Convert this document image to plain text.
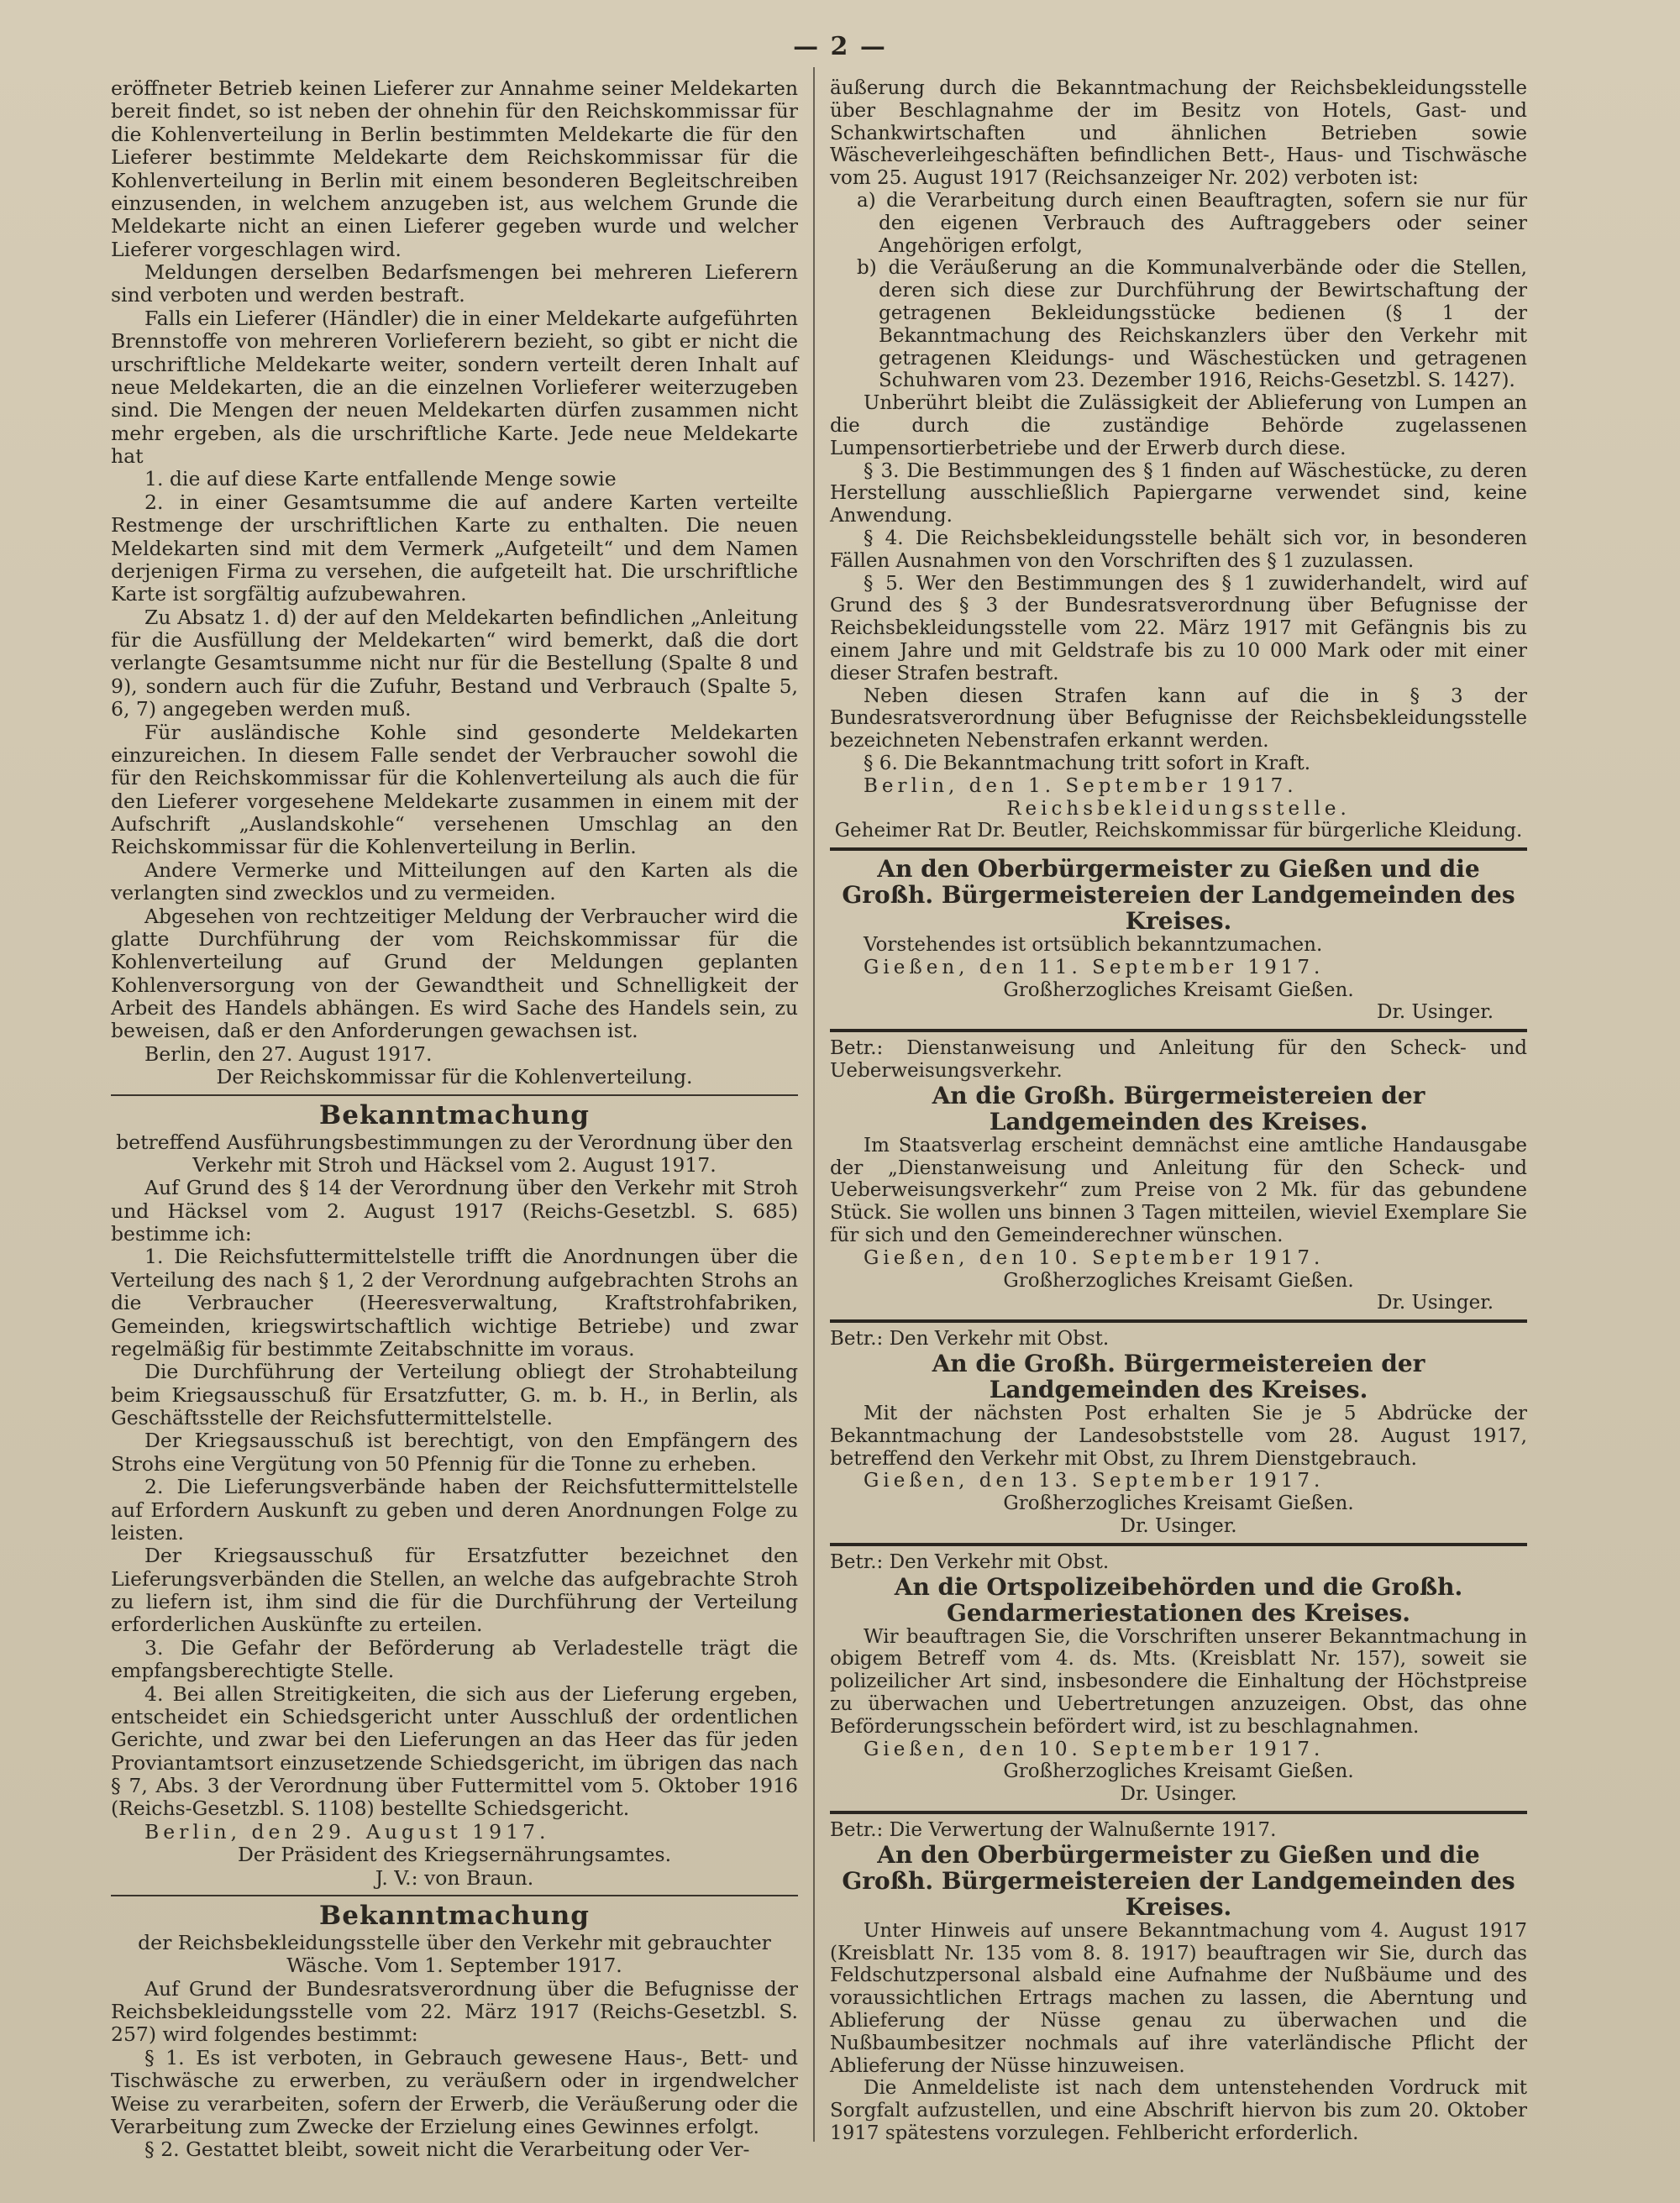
— 2 —

eröffneter Betrieb keinen Lieferer zur Annahme seiner Meldekarten bereit findet, so ist neben der ohnehin für den Reichskommissar für die Kohlenverteilung in Berlin bestimmten Meldekarte die für den Lieferer bestimmte Meldekarte dem Reichskommissar für die Kohlenverteilung in Berlin mit einem besonderen Begleitschreiben einzusenden, in welchem anzugeben ist, aus welchem Grunde die Meldekarte nicht an einen Lieferer gegeben wurde und welcher Lieferer vorgeschlagen wird.

Meldungen derselben Bedarfsmengen bei mehreren Lieferern sind verboten und werden bestraft.

Falls ein Lieferer (Händler) die in einer Meldekarte aufgeführten Brennstoffe von mehreren Vorlieferern bezieht, so gibt er nicht die urschriftliche Meldekarte weiter, sondern verteilt deren Inhalt auf neue Meldekarten, die an die einzelnen Vorlieferer weiterzugeben sind. Die Mengen der neuen Meldekarten dürfen zusammen nicht mehr ergeben, als die urschriftliche Karte. Jede neue Meldekarte hat

1. die auf diese Karte entfallende Menge sowie

2. in einer Gesamtsumme die auf andere Karten verteilte Restmenge der urschriftlichen Karte zu enthalten. Die neuen Meldekarten sind mit dem Vermerk „Aufgeteilt“ und dem Namen derjenigen Firma zu versehen, die aufgeteilt hat. Die urschriftliche Karte ist sorgfältig aufzubewahren.

Zu Absatz 1. d) der auf den Meldekarten befindlichen „Anleitung für die Ausfüllung der Meldekarten“ wird bemerkt, daß die dort verlangte Gesamtsumme nicht nur für die Bestellung (Spalte 8 und 9), sondern auch für die Zufuhr, Bestand und Verbrauch (Spalte 5, 6, 7) angegeben werden muß.

Für ausländische Kohle sind gesonderte Meldekarten einzureichen. In diesem Falle sendet der Verbraucher sowohl die für den Reichskommissar für die Kohlenverteilung als auch die für den Lieferer vorgesehene Meldekarte zusammen in einem mit der Aufschrift „Auslandskohle“ versehenen Umschlag an den Reichskommissar für die Kohlenverteilung in Berlin.

Andere Vermerke und Mitteilungen auf den Karten als die verlangten sind zwecklos und zu vermeiden.

Abgesehen von rechtzeitiger Meldung der Verbraucher wird die glatte Durchführung der vom Reichskommissar für die Kohlenverteilung auf Grund der Meldungen geplanten Kohlenversorgung von der Gewandtheit und Schnelligkeit der Arbeit des Handels abhängen. Es wird Sache des Handels sein, zu beweisen, daß er den Anforderungen gewachsen ist.

Berlin, den 27. August 1917.

Der Reichskommissar für die Kohlenverteilung.
Bekanntmachung

betreffend Ausführungsbestimmungen zu der Verordnung über den Verkehr mit Stroh und Häcksel vom 2. August 1917.

Auf Grund des § 14 der Verordnung über den Verkehr mit Stroh und Häcksel vom 2. August 1917 (Reichs-Gesetzbl. S. 685) bestimme ich:

1. Die Reichsfuttermittelstelle trifft die Anordnungen über die Verteilung des nach § 1, 2 der Verordnung aufgebrachten Strohs an die Verbraucher (Heeresverwaltung, Kraftstrohfabriken, Gemeinden, kriegswirtschaftlich wichtige Betriebe) und zwar regelmäßig für bestimmte Zeitabschnitte im voraus.

Die Durchführung der Verteilung obliegt der Strohabteilung beim Kriegsausschuß für Ersatzfutter, G. m. b. H., in Berlin, als Geschäftsstelle der Reichsfuttermittelstelle.

Der Kriegsausschuß ist berechtigt, von den Empfängern des Strohs eine Vergütung von 50 Pfennig für die Tonne zu erheben.

2. Die Lieferungsverbände haben der Reichsfuttermittelstelle auf Erfordern Auskunft zu geben und deren Anordnungen Folge zu leisten.

Der Kriegsausschuß für Ersatzfutter bezeichnet den Lieferungsverbänden die Stellen, an welche das aufgebrachte Stroh zu liefern ist, ihm sind die für die Durchführung der Verteilung erforderlichen Auskünfte zu erteilen.

3. Die Gefahr der Beförderung ab Verladestelle trägt die empfangsberechtigte Stelle.

4. Bei allen Streitigkeiten, die sich aus der Lieferung ergeben, entscheidet ein Schiedsgericht unter Ausschluß der ordentlichen Gerichte, und zwar bei den Lieferungen an das Heer das für jeden Proviantamtsort einzusetzende Schiedsgericht, im übrigen das nach § 7, Abs. 3 der Verordnung über Futtermittel vom 5. Oktober 1916 (Reichs-Gesetzbl. S. 1108) bestellte Schiedsgericht.

Berlin, den 29. August 1917.

Der Präsident des Kriegsernährungsamtes.
J. V.: von Braun.
Bekanntmachung

der Reichsbekleidungsstelle über den Verkehr mit gebrauchter Wäsche. Vom 1. September 1917.

Auf Grund der Bundesratsverordnung über die Befugnisse der Reichsbekleidungsstelle vom 22. März 1917 (Reichs-Gesetzbl. S. 257) wird folgendes bestimmt:

§ 1. Es ist verboten, in Gebrauch gewesene Haus-, Bett- und Tischwäsche zu erwerben, zu veräußern oder in irgendwelcher Weise zu verarbeiten, sofern der Erwerb, die Veräußerung oder die Verarbeitung zum Zwecke der Erzielung eines Gewinnes erfolgt.

§ 2. Gestattet bleibt, soweit nicht die Verarbeitung oder Ver-

äußerung durch die Bekanntmachung der Reichsbekleidungsstelle über Beschlagnahme der im Besitz von Hotels, Gast- und Schankwirtschaften und ähnlichen Betrieben sowie Wäscheverleihgeschäften befindlichen Bett-, Haus- und Tischwäsche vom 25. August 1917 (Reichsanzeiger Nr. 202) verboten ist:

a) die Verarbeitung durch einen Beauftragten, sofern sie nur für den eigenen Verbrauch des Auftraggebers oder seiner Angehörigen erfolgt,
b) die Veräußerung an die Kommunalverbände oder die Stellen, deren sich diese zur Durchführung der Bewirtschaftung der getragenen Bekleidungsstücke bedienen (§ 1 der Bekanntmachung des Reichskanzlers über den Verkehr mit getragenen Kleidungs- und Wäschestücken und getragenen Schuhwaren vom 23. Dezember 1916, Reichs-Gesetzbl. S. 1427).

Unberührt bleibt die Zulässigkeit der Ablieferung von Lumpen an die durch die zuständige Behörde zugelassenen Lumpensortierbetriebe und der Erwerb durch diese.

§ 3. Die Bestimmungen des § 1 finden auf Wäschestücke, zu deren Herstellung ausschließlich Papiergarne verwendet sind, keine Anwendung.

§ 4. Die Reichsbekleidungsstelle behält sich vor, in besonderen Fällen Ausnahmen von den Vorschriften des § 1 zuzulassen.

§ 5. Wer den Bestimmungen des § 1 zuwiderhandelt, wird auf Grund des § 3 der Bundesratsverordnung über Befugnisse der Reichsbekleidungsstelle vom 22. März 1917 mit Gefängnis bis zu einem Jahre und mit Geldstrafe bis zu 10 000 Mark oder mit einer dieser Strafen bestraft.

Neben diesen Strafen kann auf die in § 3 der Bundesratsverordnung über Befugnisse der Reichsbekleidungsstelle bezeichneten Nebenstrafen erkannt werden.

§ 6. Die Bekanntmachung tritt sofort in Kraft.

Berlin, den 1. September 1917.

Reichsbekleidungsstelle.
Geheimer Rat Dr. Beutler, Reichskommissar für bürgerliche Kleidung.
An den Oberbürgermeister zu Gießen und die Großh. Bürgermeistereien der Landgemeinden des Kreises.

Vorstehendes ist ortsüblich bekanntzumachen.

Gießen, den 11. September 1917.

Großherzogliches Kreisamt Gießen.
Dr. Usinger.

Betr.: Dienstanweisung und Anleitung für den Scheck- und Ueberweisungsverkehr.

An die Großh. Bürgermeistereien der Landgemeinden des Kreises.

Im Staatsverlag erscheint demnächst eine amtliche Handausgabe der „Dienstanweisung und Anleitung für den Scheck- und Ueberweisungsverkehr“ zum Preise von 2 Mk. für das gebundene Stück. Sie wollen uns binnen 3 Tagen mitteilen, wieviel Exemplare Sie für sich und den Gemeinderechner wünschen.

Gießen, den 10. September 1917.

Großherzogliches Kreisamt Gießen.
Dr. Usinger.

Betr.: Den Verkehr mit Obst.

An die Großh. Bürgermeistereien der Landgemeinden des Kreises.

Mit der nächsten Post erhalten Sie je 5 Abdrücke der Bekanntmachung der Landesobststelle vom 28. August 1917, betreffend den Verkehr mit Obst, zu Ihrem Dienstgebrauch.

Gießen, den 13. September 1917.

Großherzogliches Kreisamt Gießen.
Dr. Usinger.

Betr.: Den Verkehr mit Obst.

An die Ortspolizeibehörden und die Großh. Gendarmeriestationen des Kreises.

Wir beauftragen Sie, die Vorschriften unserer Bekanntmachung in obigem Betreff vom 4. ds. Mts. (Kreisblatt Nr. 157), soweit sie polizeilicher Art sind, insbesondere die Einhaltung der Höchstpreise zu überwachen und Uebertretungen anzuzeigen. Obst, das ohne Beförderungsschein befördert wird, ist zu beschlagnahmen.

Gießen, den 10. September 1917.

Großherzogliches Kreisamt Gießen.
Dr. Usinger.

Betr.: Die Verwertung der Walnußernte 1917.

An den Oberbürgermeister zu Gießen und die Großh. Bürgermeistereien der Landgemeinden des Kreises.

Unter Hinweis auf unsere Bekanntmachung vom 4. August 1917 (Kreisblatt Nr. 135 vom 8. 8. 1917) beauftragen wir Sie, durch das Feldschutzpersonal alsbald eine Aufnahme der Nußbäume und des voraussichtlichen Ertrags machen zu lassen, die Aberntung und Ablieferung der Nüsse genau zu überwachen und die Nußbaumbesitzer nochmals auf ihre vaterländische Pflicht der Ablieferung der Nüsse hinzuweisen.

Die Anmeldeliste ist nach dem untenstehenden Vordruck mit Sorgfalt aufzustellen, und eine Abschrift hiervon bis zum 20. Oktober 1917 spätestens vorzulegen. Fehlbericht erforderlich.
